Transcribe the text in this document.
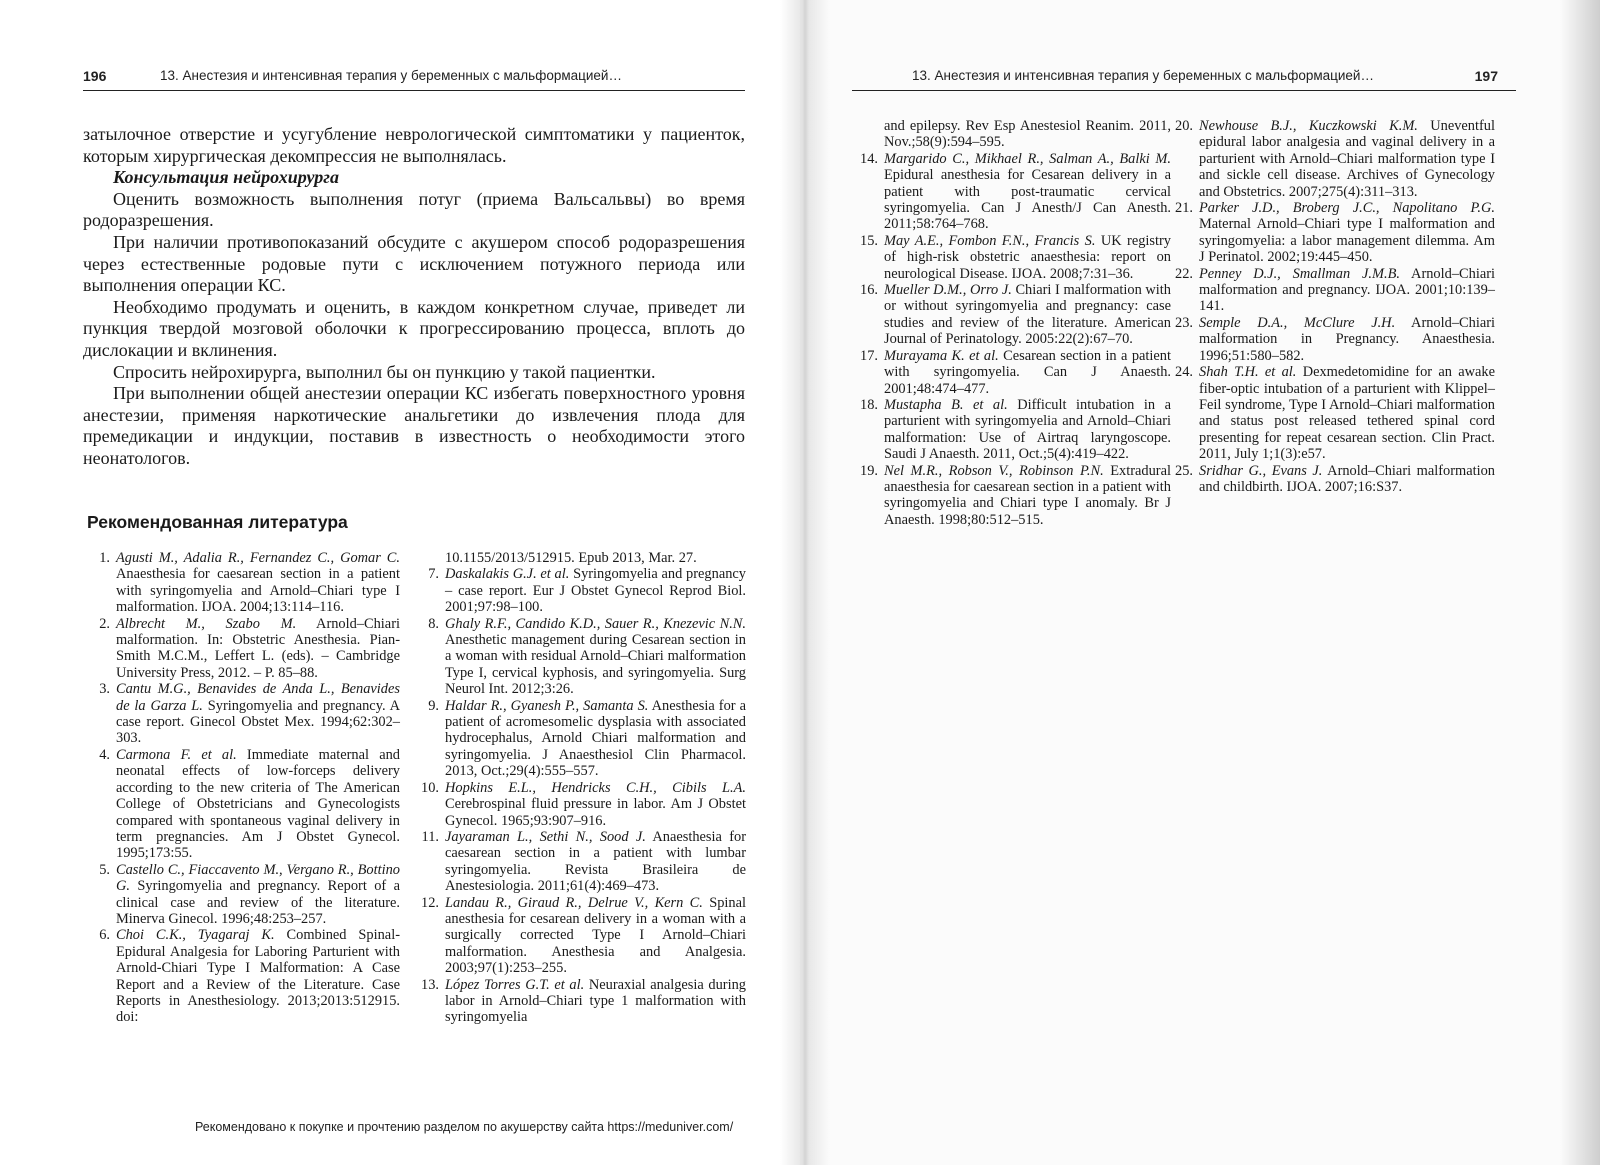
196	13. Анестезия и интенсивная терапия у беременных с мальформацией…

затылочное отверстие и усугубление неврологической симптоматики у пациенток, которым хирургическая декомпрессия не выполнялась.

Консультация нейрохирурга

Оценить возможность выполнения потуг (приема Вальсальвы) во время родоразрешения.

При наличии противопоказаний обсудите с акушером способ родоразрешения через естественные родовые пути с исключением потужного периода или выполнения операции КС.

Необходимо продумать и оценить, в каждом конкретном случае, приведет ли пункция твердой мозговой оболочки к прогрессированию процесса, вплоть до дислокации и вклинения.

Спросить нейрохирурга, выполнил бы он пункцию у такой пациентки.

При выполнении общей анестезии операции КС избегать поверхностного уровня анестезии, применяя наркотические анальгетики до извлечения плода для премедикации и индукции, поставив в известность о необходимости этого неонатологов.

Рекомендованная литература
1. Agusti M., Adalia R., Fernandez C., Gomar C. Anaesthesia for caesarean section in a patient with syringomyelia and Arnold–Chiari type I malformation. IJOA. 2004;13:114–116.
2. Albrecht M., Szabo M. Arnold–Chiari malformation. In: Obstetric Anesthesia. Pian-Smith M.C.M., Leffert L. (eds). – Cambridge University Press, 2012. – P. 85–88.
3. Cantu M.G., Benavides de Anda L., Benavides de la Garza L. Syringomyelia and pregnancy. A case report. Ginecol Obstet Mex. 1994;62:302–303.
4. Carmona F. et al. Immediate maternal and neonatal effects of low-forceps delivery according to the new criteria of The American College of Obstetricians and Gynecologists compared with spontaneous vaginal delivery in term pregnancies. Am J Obstet Gynecol. 1995;173:55.
5. Castello C., Fiaccavento M., Vergano R., Bottino G. Syringomyelia and pregnancy. Report of a clinical case and review of the literature. Minerva Ginecol. 1996;48:253–257.
6. Choi C.K., Tyagaraj K. Combined Spinal-Epidural Analgesia for Laboring Parturient with Arnold-Chiari Type I Malformation: A Case Report and a Review of the Literature. Case Reports in Anesthesiology. 2013;2013:512915. doi:
10.1155/2013/512915. Epub 2013, Mar. 27.
7. Daskalakis G.J. et al. Syringomyelia and pregnancy – case report. Eur J Obstet Gynecol Reprod Biol. 2001;97:98–100.
8. Ghaly R.F., Candido K.D., Sauer R., Knezevic N.N. Anesthetic management during Cesarean section in a woman with residual Arnold–Chiari malformation Type I, cervical kyphosis, and syringomyelia. Surg Neurol Int. 2012;3:26.
9. Haldar R., Gyanesh P., Samanta S. Anesthesia for a patient of acromesomelic dysplasia with associated hydrocephalus, Arnold Chiari malformation and syringomyelia. J Anaesthesiol Clin Pharmacol. 2013, Oct.;29(4):555–557.
10. Hopkins E.L., Hendricks C.H., Cibils L.A. Cerebrospinal fluid pressure in labor. Am J Obstet Gynecol. 1965;93:907–916.
11. Jayaraman L., Sethi N., Sood J. Anaesthesia for caesarean section in a patient with lumbar syringomyelia. Revista Brasileira de Anestesiologia. 2011;61(4):469–473.
12. Landau R., Giraud R., Delrue V., Kern C. Spinal anesthesia for cesarean delivery in a woman with a surgically corrected Type I Arnold–Chiari malformation. Anesthesia and Analgesia. 2003;97(1):253–255.
13. López Torres G.T. et al. Neuraxial analgesia during labor in Arnold–Chiari type 1 malformation with syringomyelia
Рекомендовано к покупке и прочтению разделом по акушерству сайта https://meduniver.com/
13. Анестезия и интенсивная терапия у беременных с мальформацией…	197
and epilepsy. Rev Esp Anestesiol Reanim. 2011, Nov.;58(9):594–595.
14. Margarido C., Mikhael R., Salman A., Balki M. Epidural anesthesia for Cesarean delivery in a patient with post-traumatic cervical syringomyelia. Can J Anesth/J Can Anesth. 2011;58:764–768.
15. May A.E., Fombon F.N., Francis S. UK registry of high-risk obstetric anaesthesia: report on neurological Disease. IJOA. 2008;7:31–36.
16. Mueller D.M., Orro J. Chiari I malformation with or without syringomyelia and pregnancy: case studies and review of the literature. American Journal of Perinatology. 2005:22(2):67–70.
17. Murayama K. et al. Cesarean section in a patient with syringomyelia. Can J Anaesth. 2001;48:474–477.
18. Mustapha B. et al. Difficult intubation in a parturient with syringomyelia and Arnold–Chiari malformation: Use of Airtraq laryngoscope. Saudi J Anaesth. 2011, Oct.;5(4):419–422.
19. Nel M.R., Robson V., Robinson P.N. Extradural anaesthesia for caesarean section in a patient with syringomyelia and Chiari type I anomaly. Br J Anaesth. 1998;80:512–515.
20. Newhouse B.J., Kuczkowski K.M. Uneventful epidural labor analgesia and vaginal delivery in a parturient with Arnold–Chiari malformation type I and sickle cell disease. Archives of Gynecology and Obstetrics. 2007;275(4):311–313.
21. Parker J.D., Broberg J.C., Napolitano P.G. Maternal Arnold–Chiari type I malformation and syringomyelia: a labor management dilemma. Am J Perinatol. 2002;19:445–450.
22. Penney D.J., Smallman J.M.B. Arnold–Chiari malformation and pregnancy. IJOA. 2001;10:139–141.
23. Semple D.A., McClure J.H. Arnold–Chiari malformation in Pregnancy. Anaesthesia. 1996;51:580–582.
24. Shah T.H. et al. Dexmedetomidine for an awake fiber-optic intubation of a parturient with Klippel–Feil syndrome, Type I Arnold–Chiari malformation and status post released tethered spinal cord presenting for repeat cesarean section. Clin Pract. 2011, July 1;1(3):e57.
25. Sridhar G., Evans J. Arnold–Chiari malformation and childbirth. IJOA. 2007;16:S37.
